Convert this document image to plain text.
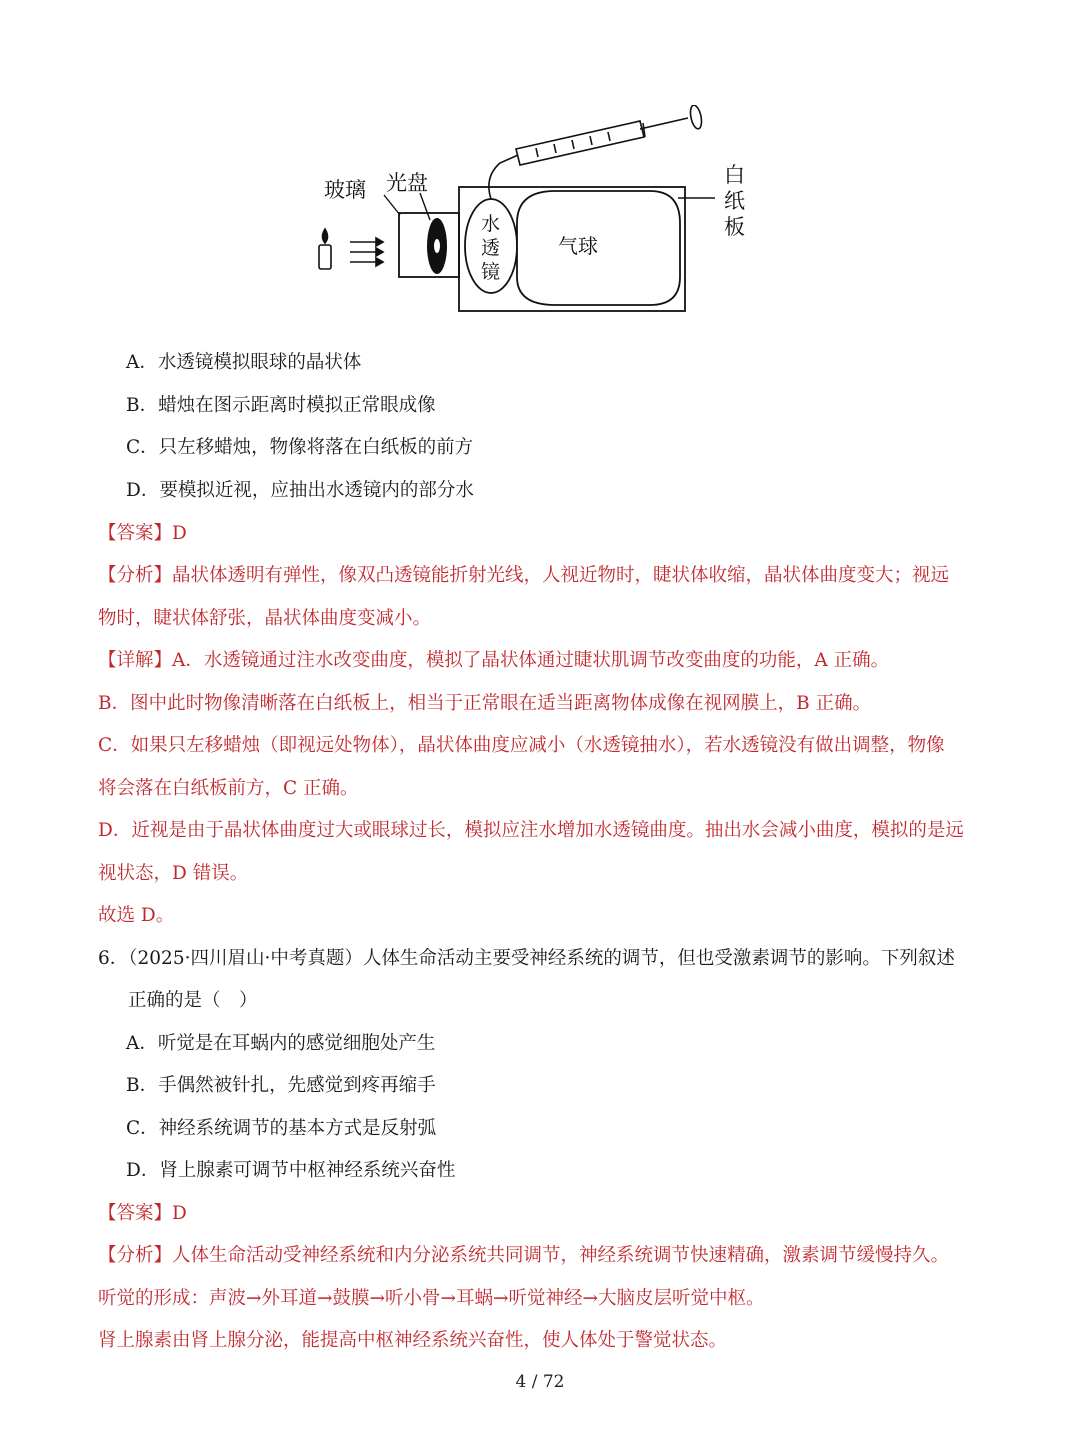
玻璃 光盘
水
透
镜
气球
白
纸
板
A．水透镜模拟眼球的晶状体
B．蜡烛在图示距离时模拟正常眼成像
C．只左移蜡烛，物像将落在白纸板的前方
D．要模拟近视，应抽出水透镜内的部分水
【答案】D
【分析】晶状体透明有弹性，像双凸透镜能折射光线，人视近物时，睫状体收缩，晶状体曲度变大；视远
物时，睫状体舒张，晶状体曲度变减小。
【详解】A．水透镜通过注水改变曲度，模拟了晶状体通过睫状肌调节改变曲度的功能，A 正确。
B．图中此时物像清晰落在白纸板上，相当于正常眼在适当距离物体成像在视网膜上，B 正确。
C．如果只左移蜡烛（即视远处物体），晶状体曲度应减小（水透镜抽水），若水透镜没有做出调整，物像
将会落在白纸板前方，C 正确。
D．近视是由于晶状体曲度过大或眼球过长，模拟应注水增加水透镜曲度。抽出水会减小曲度，模拟的是远
视状态，D 错误。
故选 D。
6．（2025·四川眉山·中考真题）人体生命活动主要受神经系统的调节，但也受激素调节的影响。下列叙述
正确的是（　）
A．听觉是在耳蜗内的感觉细胞处产生
B．手偶然被针扎，先感觉到疼再缩手
C．神经系统调节的基本方式是反射弧
D．肾上腺素可调节中枢神经系统兴奋性
【答案】D
【分析】人体生命活动受神经系统和内分泌系统共同调节，神经系统调节快速精确，激素调节缓慢持久。
听觉的形成：声波→外耳道→鼓膜→听小骨→耳蜗→听觉神经→大脑皮层听觉中枢。
肾上腺素由肾上腺分泌，能提高中枢神经系统兴奋性，使人体处于警觉状态。
4 / 72
